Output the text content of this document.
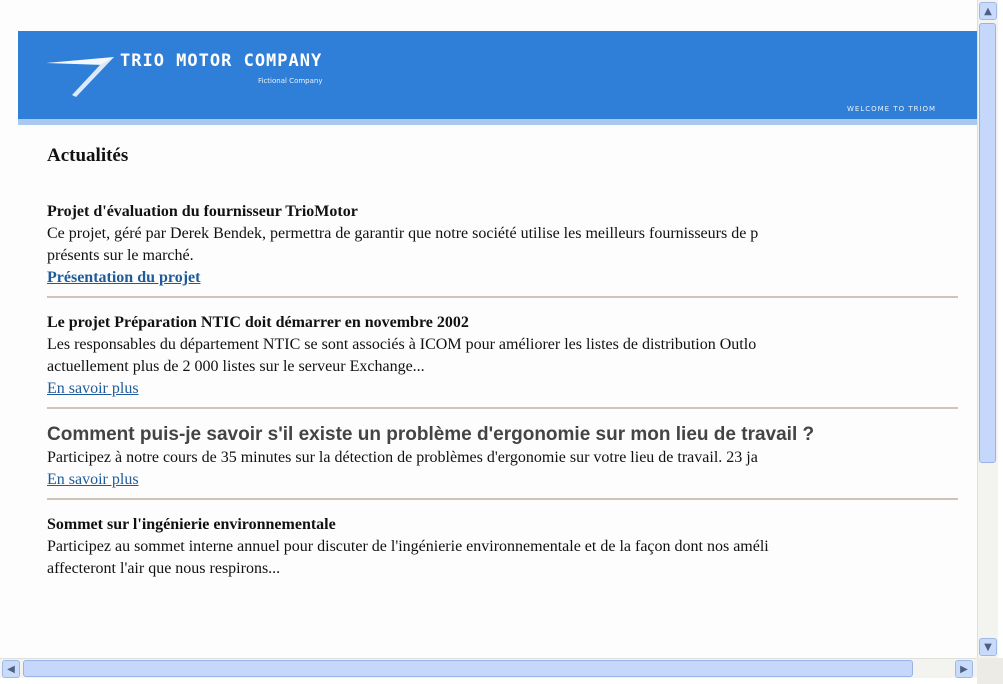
TRIO MOTOR COMPANY
Fictional Company
WELCOME TO TRIOM
Actualités
Projet d'évaluation du fournisseur TrioMotor
Ce projet, géré par Derek Bendek, permettra de garantir que notre société utilise les meilleurs fournisseurs de p
présents sur le marché.
Présentation du projet
Le projet Préparation NTIC doit démarrer en novembre 2002
Les responsables du département NTIC se sont associés à ICOM pour améliorer les listes de distribution Outlo
actuellement plus de 2 000 listes sur le serveur Exchange...
En savoir plus
Comment puis-je savoir s'il existe un problème d'ergonomie sur mon lieu de travail ?
Participez à notre cours de 35 minutes sur la détection de problèmes d'ergonomie sur votre lieu de travail. 23 ja
En savoir plus
Sommet sur l'ingénierie environnementale
Participez au sommet interne annuel pour discuter de l'ingénierie environnementale et de la façon dont nos améli
affecteront l'air que nous respirons...
▲
▼
◀	▶
